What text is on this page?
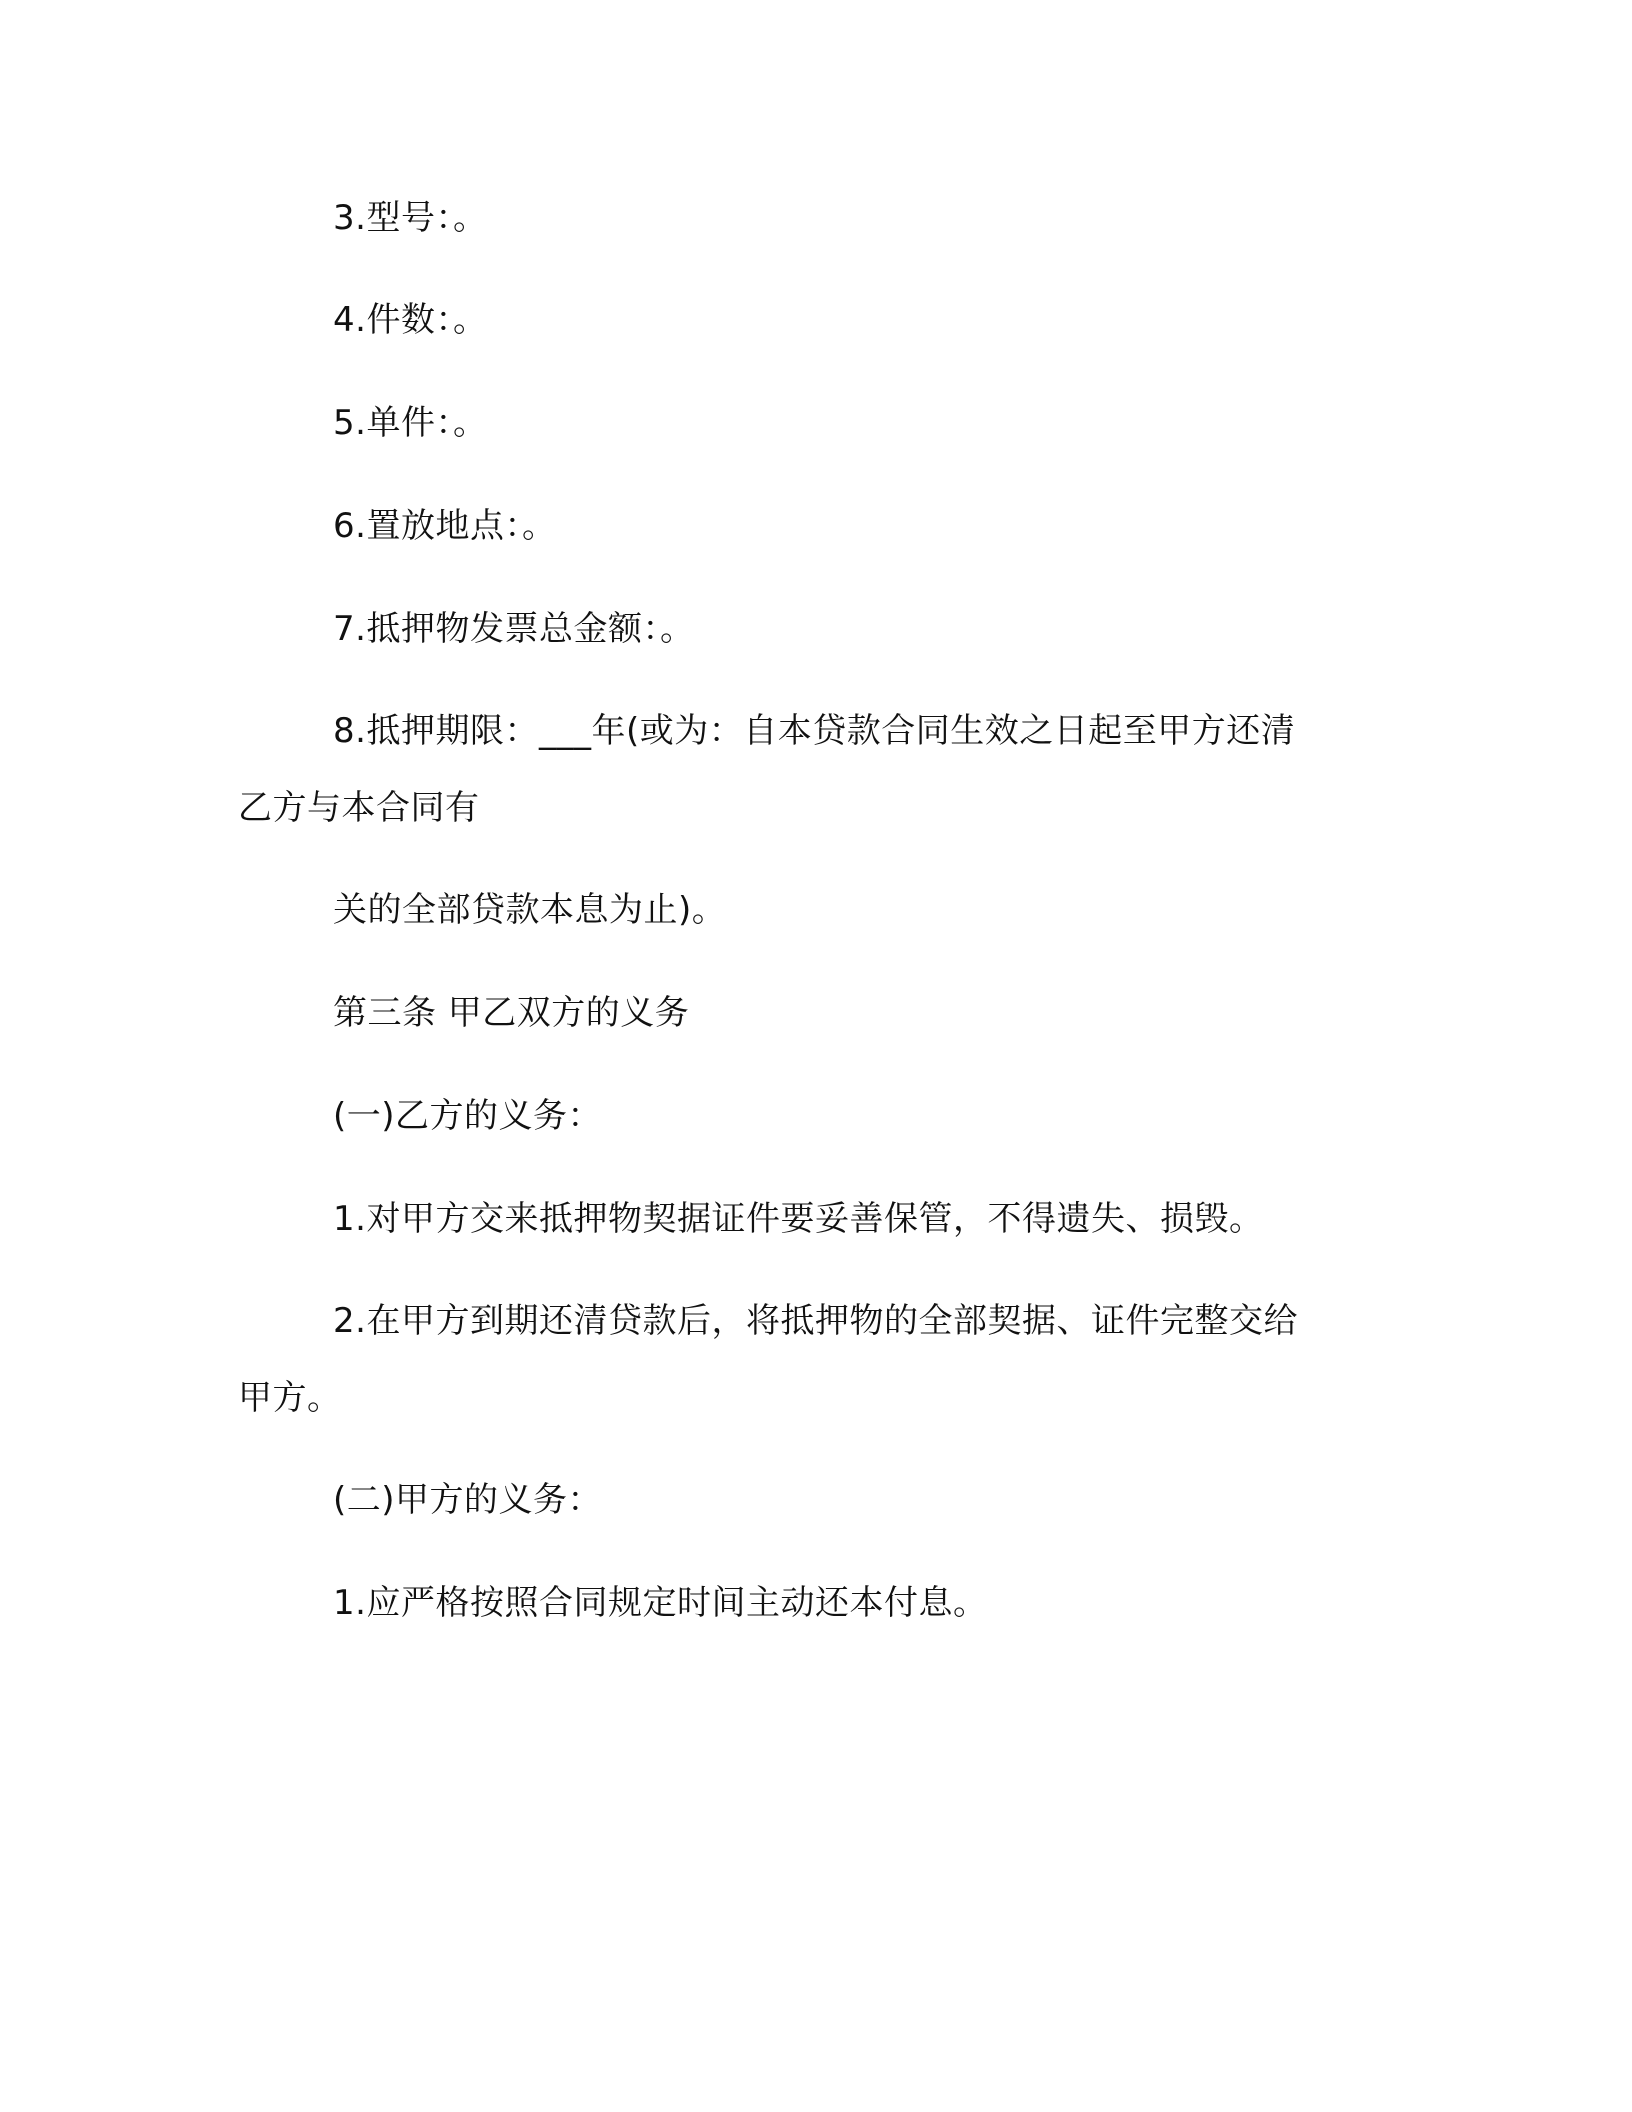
3.型号：。

4.件数：。

5.单件：。

6.置放地点：。

7.抵押物发票总金额：。

8.抵押期限：___年(或为：自本贷款合同生效之日起至甲方还清

乙方与本合同有

关的全部贷款本息为止)。

第三条 甲乙双方的义务

(一)乙方的义务：

1.对甲方交来抵押物契据证件要妥善保管，不得遗失、损毁。

2.在甲方到期还清贷款后，将抵押物的全部契据、证件完整交给

甲方。

(二)甲方的义务：

1.应严格按照合同规定时间主动还本付息。
